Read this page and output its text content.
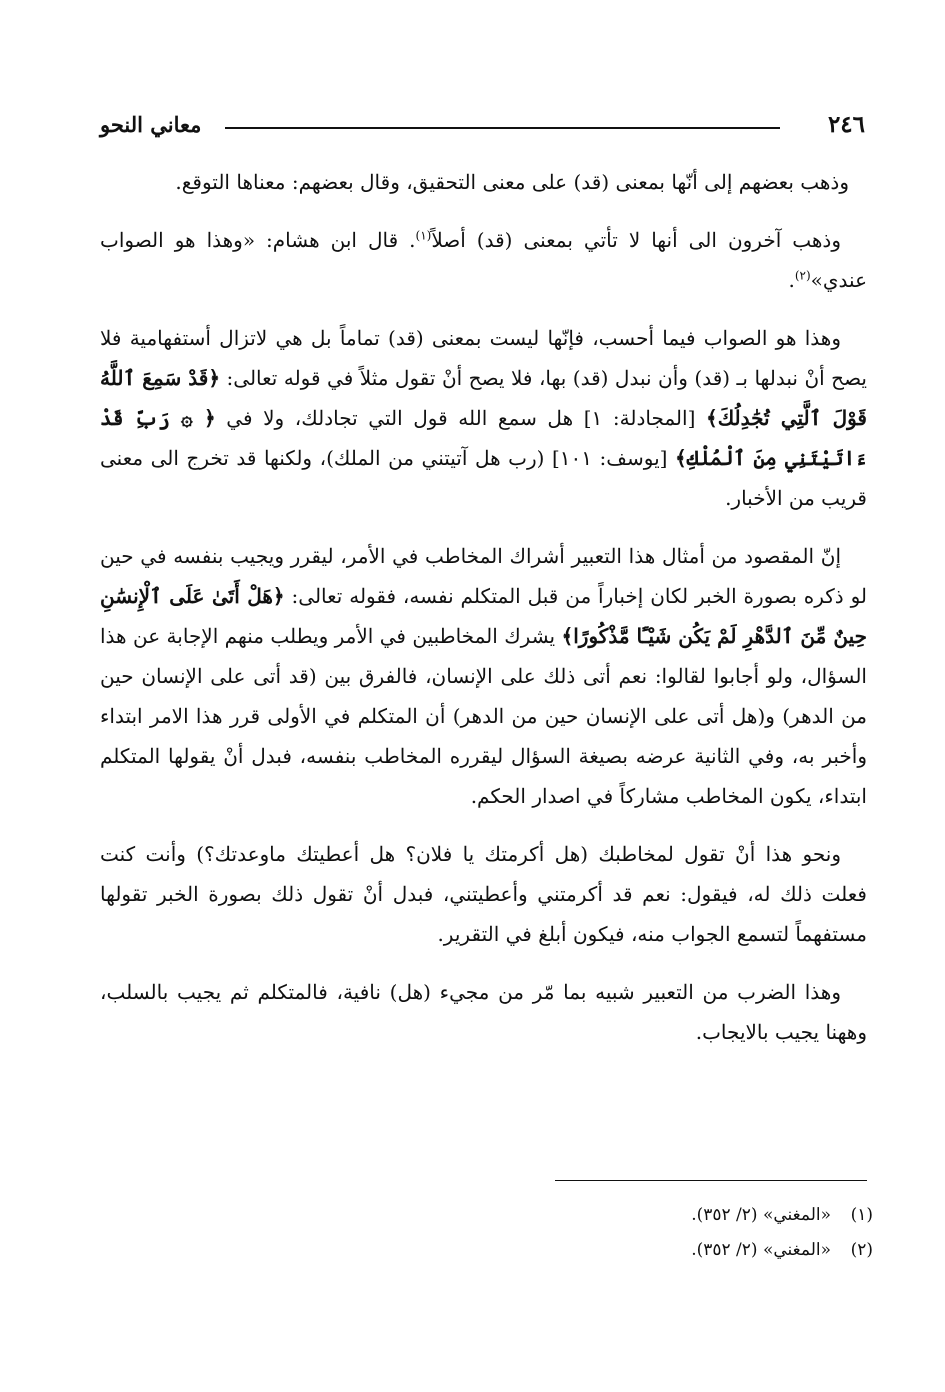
٢٤٦
معاني النحو

وذهب بعضهم إلى أنّها بمعنى (قد) على معنى التحقيق، وقال بعضهم: معناها التوقع.

وذهب آخرون الى أنها لا تأتي بمعنى (قد) أصلاً$^{(١)}$. قال ابن هشام: «وهذا هو الصواب عندي»$^{(٢)}$.

وهذا هو الصواب فيما أحسب، فإنّها ليست بمعنى (قد) تماماً بل هي لاتزال أستفهامية فلا يصح أنْ نبدلها بـ (قد) وأن نبدل (قد) بها، فلا يصح أنْ تقول مثلاً في قوله تعالى: ﴿قَدْ سَمِعَ ٱللَّهُ قَوْلَ ٱلَّتِي تُجَٰدِلُكَ﴾ [المجادلة: ١] هل سمع الله قول التي تجادلك، ولا في ﴿ ۞ رَبِّ قَدْ ءَاتَيْتَنِي مِنَ ٱلْمُلْكِ﴾ [يوسف: ١٠١] (رب هل آتيتني من الملك)، ولكنها قد تخرج الى معنى قريب من الأخبار.

إنّ المقصود من أمثال هذا التعبير أشراك المخاطب في الأمر، ليقرر ويجيب بنفسه في حين لو ذكره بصورة الخبر لكان إخباراً من قبل المتكلم نفسه، فقوله تعالى: ﴿هَلْ أَتَىٰ عَلَى ٱلْإِنسَٰنِ حِينٌ مِّنَ ٱلدَّهْرِ لَمْ يَكُن شَيْـًٔا مَّذْكُورًا﴾ يشرك المخاطبين في الأمر ويطلب منهم الإجابة عن هذا السؤال، ولو أجابوا لقالوا: نعم أتى ذلك على الإنسان، فالفرق بين (قد أتى على الإنسان حين من الدهر) و(هل أتى على الإنسان حين من الدهر) أن المتكلم في الأولى قرر هذا الامر ابتداء وأخبر به، وفي الثانية عرضه بصيغة السؤال ليقرره المخاطب بنفسه، فبدل أنْ يقولها المتكلم ابتداء، يكون المخاطب مشاركاً في اصدار الحكم.

ونحو هذا أنْ تقول لمخاطبك (هل أكرمتك يا فلان؟ هل أعطيتك ماوعدتك؟) وأنت كنت فعلت ذلك له، فيقول: نعم قد أكرمتني وأعطيتني، فبدل أنْ تقول ذلك بصورة الخبر تقولها مستفهماً لتسمع الجواب منه، فيكون أبلغ في التقرير.

وهذا الضرب من التعبير شبيه بما مّر من مجيء (هل) نافية، فالمتكلم ثم يجيب بالسلب، وههنا يجيب بالايجاب.

(١)«المغني» (٢/ ٣٥٢).
(٢)«المغني» (٢/ ٣٥٢).
